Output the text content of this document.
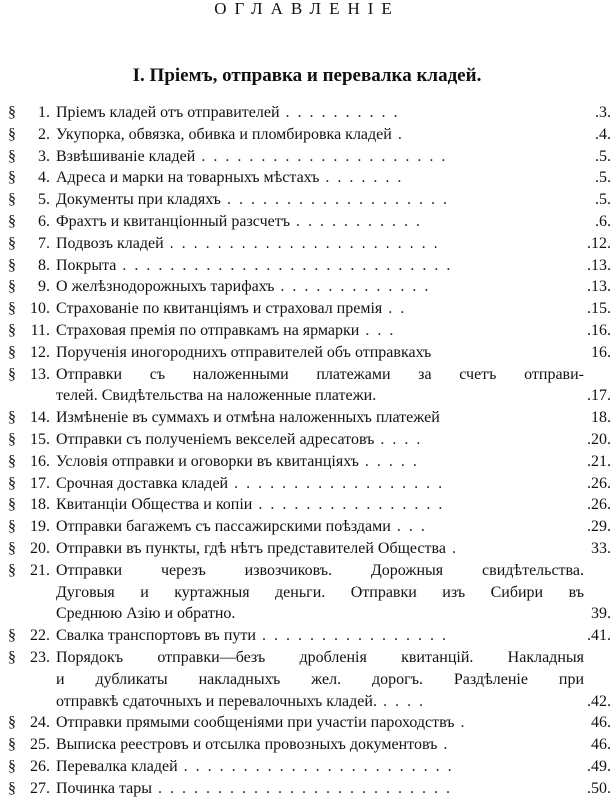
ОГЛАВЛЕНІЕ
I. Пріемъ, отправка и перевалка кладей.
§	1. Пріемъ кладей отъ отправителей . . . . . . . . . .	.3.
§	2. Укупорка, обвязка, обивка и пломбировка кладей .	.4.
§	3. Взвѣшиваніе кладей . . . . . . . . . . . . . . . . . . . . .	.5.
§	4. Адреса и марки на товарныхъ мѣстахъ . . . . . . .	.5.
§	5. Документы при кладяхъ . . . . . . . . . . . . . . . . . . .	.5.
§	6. Фрахтъ и квитанціонный разсчетъ . . . . . . . . . . .	.6.
§	7. Подвозъ кладей . . . . . . . . . . . . . . . . . . . . . . .	.12.
§	8. Покрыта . . . . . . . . . . . . . . . . . . . . . . . . . . . .	.13.
§	9. О желѣзнодорожныхъ тарифахъ . . . . . . . . . . . . .	.13.
§ 10. Страхованіе по квитанціямъ и страховал премія . .	.15.
§ 11. Страховая премія по отправкамъ на ярмарки . . .	.16.
§ 12. Порученія иногороднихъ отправителей объ отправкахъ	16.
§ 13. Отправки съ наложенными платежами за счетъ отправи-
телей. Свидѣтельства на наложенные платежи.	.17.
§ 14. Измѣненіе въ суммахъ и отмѣна наложенныхъ платежей	18.
§ 15. Отправки съ полученіемъ векселей адресатовъ . . . .	.20.
§ 16. Условія отправки и оговорки въ квитанціяхъ . . . . .	.21.
§ 17. Срочная доставка кладей . . . . . . . . . . . . . . . . . .	.26.
§ 18. Квитанціи Общества и копіи . . . . . . . . . . . . . . . .	.26.
§ 19. Отправки багажемъ съ пассажирскими поѣздами . . .	.29.
§ 20. Отправки въ пункты, гдѣ нѣтъ представителей Общества .	33.
§ 21. Отправки черезъ извозчиковъ. Дорожныя свидѣтельства.
Дуговыя и куртажныя деньги. Отправки изъ Сибири въ
Среднюю Азію и обратно.	39.
§ 22. Свалка транспортовъ въ пути . . . . . . . . . . . . . . . .	.41.
§ 23. Порядокъ отправки—безъ дробленія квитанцій. Накладныя
и дубликаты накладныхъ жел. дорогъ. Раздѣленіе при
отправкѣ сдаточныхъ и перевалочныхъ кладей. . . . .	.42.
§ 24. Отправки прямыми сообщеніями при участіи пароходствъ .	46.
§ 25. Выписка реестровъ и отсылка провозныхъ документовъ .	46.
§ 26. Перевалка кладей . . . . . . . . . . . . . . . . . . . . . . .	.49.
§ 27. Починка тары . . . . . . . . . . . . . . . . . . . . . . . . .	.50.
